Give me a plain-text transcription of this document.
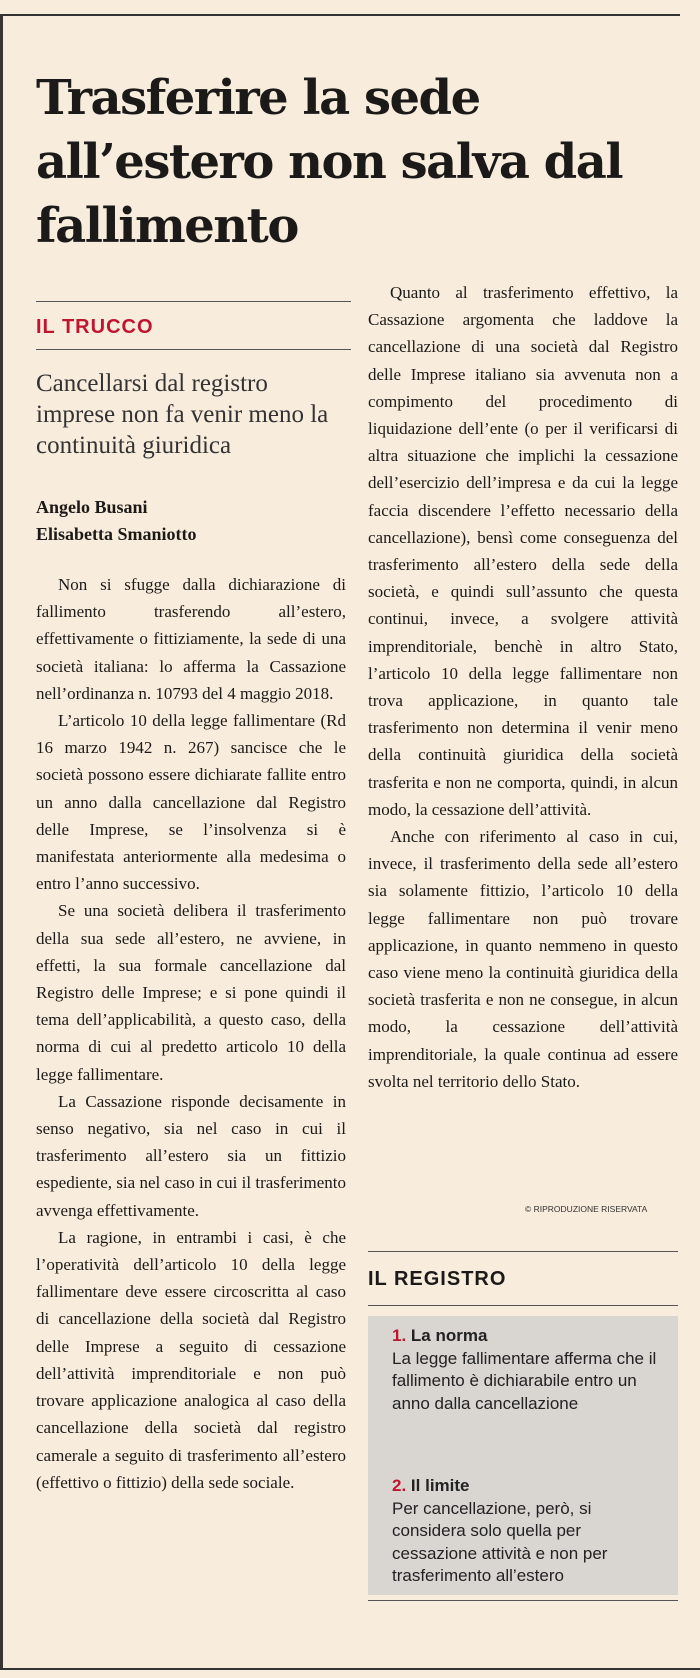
Trasferire la sede all’estero non salva dal fallimento
IL TRUCCO

Cancellarsi dal registro imprese non fa venir meno la continuità giuridica

Angelo Busani
Elisabetta Smaniotto

Non si sfugge dalla dichiarazione di fallimento trasferendo all’estero, effettivamente o fittiziamente, la sede di una società italiana: lo afferma la Cassazione nell’ordinanza n. 10793 del 4 maggio 2018.

L’articolo 10 della legge fallimentare (Rd 16 marzo 1942 n. 267) sancisce che le società possono essere dichiarate fallite entro un anno dalla cancellazione dal Registro delle Imprese, se l’insolvenza si è manifestata anteriormente alla medesima o entro l’anno successivo.

Se una società delibera il trasferimento della sua sede all’estero, ne avviene, in effetti, la sua formale cancellazione dal Registro delle Imprese; e si pone quindi il tema dell’applicabilità, a questo caso, della norma di cui al predetto articolo 10 della legge fallimentare.

La Cassazione risponde decisamente in senso negativo, sia nel caso in cui il trasferimento all’estero sia un fittizio espediente, sia nel caso in cui il trasferimento avvenga effettivamente.

La ragione, in entrambi i casi, è che l’operatività dell’articolo 10 della legge fallimentare deve essere circoscritta al caso di cancellazione della società dal Registro delle Imprese a seguito di cessazione dell’attività imprenditoriale e non può trovare applicazione analogica al caso della cancellazione della società dal registro camerale a seguito di trasferimento all’estero (effettivo o fittizio) della sede sociale.

Quanto al trasferimento effettivo, la Cassazione argomenta che laddove la cancellazione di una società dal Registro delle Imprese italiano sia avvenuta non a compimento del procedimento di liquidazione dell’ente (o per il verificarsi di altra situazione che implichi la cessazione dell’esercizio dell’impresa e da cui la legge faccia discendere l’effetto necessario della cancellazione), bensì come conseguenza del trasferimento all’estero della sede della società, e quindi sull’assunto che questa continui, invece, a svolgere attività imprenditoriale, benchè in altro Stato, l’articolo 10 della legge fallimentare non trova applicazione, in quanto tale trasferimento non determina il venir meno della continuità giuridica della società trasferita e non ne comporta, quindi, in alcun modo, la cessazione dell’attività.

Anche con riferimento al caso in cui, invece, il trasferimento della sede all’estero sia solamente fittizio, l’articolo 10 della legge fallimentare non può trovare applicazione, in quanto nemmeno in questo caso viene meno la continuità giuridica della società trasferita e non ne consegue, in alcun modo, la cessazione dell’attività imprenditoriale, la quale continua ad essere svolta nel territorio dello Stato.

© RIPRODUZIONE RISERVATA
IL REGISTRO
1. La norma
La legge fallimentare afferma che il fallimento è dichiarabile entro un anno dalla cancellazione
2. Il limite
Per cancellazione, però, si considera solo quella per cessazione attività e non per trasferimento all’estero
